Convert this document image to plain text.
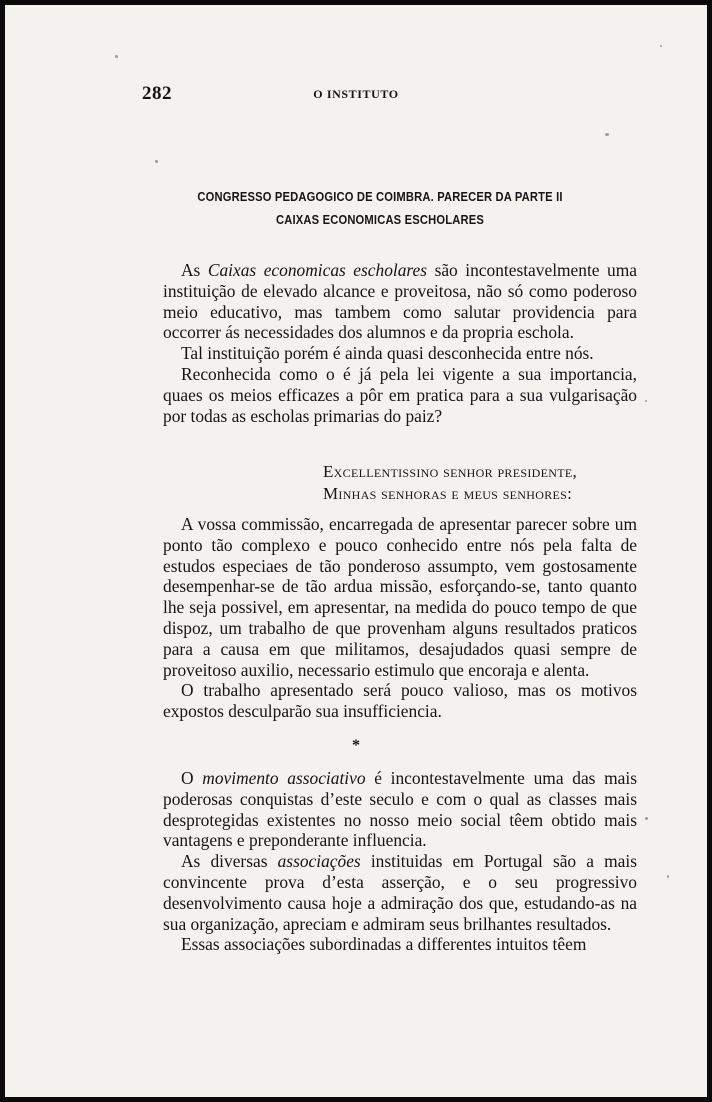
282	O INSTITUTO
CONGRESSO PEDAGOGICO DE COIMBRA. PARECER DA PARTE II
CAIXAS ECONOMICAS ESCHOLARES

As Caixas economicas escholares são incontestavelmente uma instituição de elevado alcance e proveitosa, não só como poderoso meio educativo, mas tambem como salutar providencia para occorrer ás necessidades dos alumnos e da propria eschola.

Tal instituição porém é ainda quasi desconhecida entre nós.

Reconhecida como o é já pela lei vigente a sua importancia, quaes os meios efficazes a pôr em pratica para a sua vulgarisação por todas as escholas primarias do paiz?

Excellentissino senhor presidente,
Minhas senhoras e meus senhores:

A vossa commissão, encarregada de apresentar parecer sobre um ponto tão complexo e pouco conhecido entre nós pela falta de estudos especiaes de tão ponderoso assumpto, vem gostosamente desempenhar-se de tão ardua missão, esforçando-se, tanto quanto lhe seja possivel, em apresentar, na medida do pouco tempo de que dispoz, um trabalho de que provenham alguns resultados praticos para a causa em que militamos, desajudados quasi sempre de proveitoso auxilio, necessario estimulo que encoraja e alenta.

O trabalho apresentado será pouco valioso, mas os motivos expostos desculparão sua insufficiencia.

*

O movimento associativo é incontestavelmente uma das mais poderosas conquistas d’este seculo e com o qual as classes mais desprotegidas existentes no nosso meio social têem obtido mais vantagens e preponderante influencia.

As diversas associações instituidas em Portugal são a mais convincente prova d’esta asserção, e o seu progressivo desenvolvimento causa hoje a admiração dos que, estudando-as na sua organização, apreciam e admiram seus brilhantes resultados.

Essas associações subordinadas a differentes intuitos têem
